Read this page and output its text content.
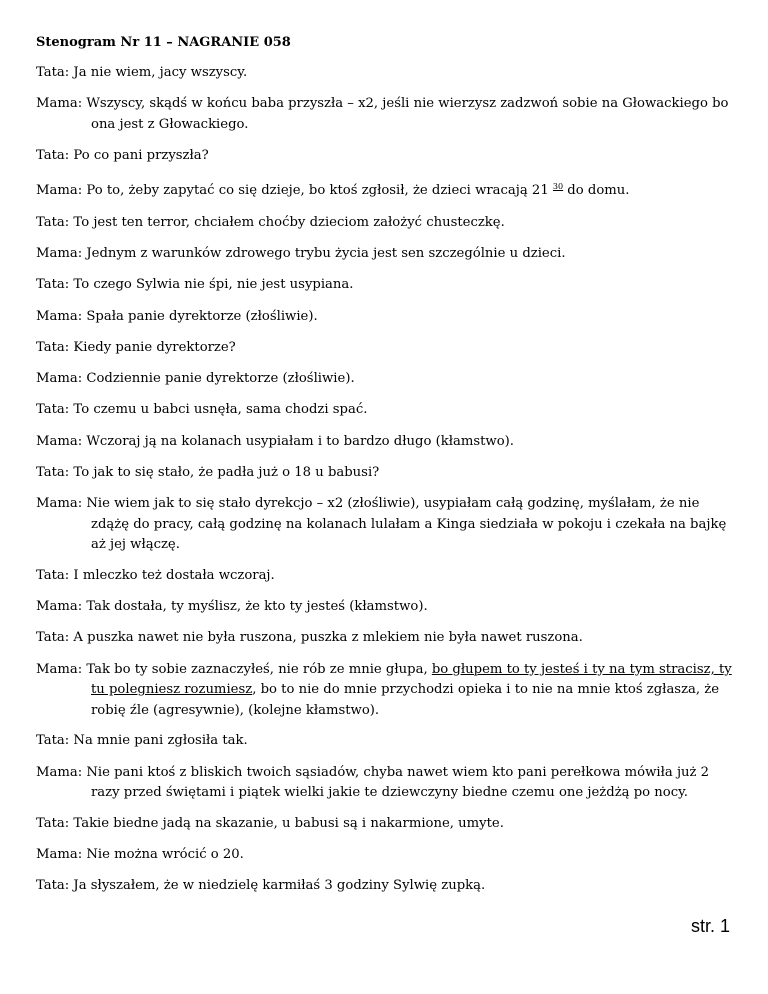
Stenogram Nr 11 – NAGRANIE 058
Tata: Ja nie wiem, jacy wszyscy.
Mama: Wszyscy, skądś w końcu baba przyszła – x2, jeśli nie wierzysz zadzwoń sobie na Głowackiego bo ona jest z Głowackiego.
Tata: Po co pani przyszła?
Mama: Po to, żeby zapytać co się dzieje, bo ktoś zgłosił, że dzieci wracają 21 $^{30}$ do domu.
Tata: To jest ten terror, chciałem choćby dzieciom założyć chusteczkę.
Mama: Jednym z warunków zdrowego trybu życia jest sen szczególnie u dzieci.
Tata: To czego Sylwia nie śpi, nie jest usypiana.
Mama: Spała panie dyrektorze (złośliwie).
Tata: Kiedy panie dyrektorze?
Mama: Codziennie panie dyrektorze (złośliwie).
Tata: To czemu u babci usnęła, sama chodzi spać.
Mama: Wczoraj ją na kolanach usypiałam i to bardzo długo (kłamstwo).
Tata: To jak to się stało, że padła już o 18 u babusi?
Mama: Nie wiem jak to się stało dyrekcjo – x2 (złośliwie), usypiałam całą godzinę, myślałam, że nie zdążę do pracy, całą godzinę na kolanach lulałam a Kinga siedziała w pokoju i czekała na bajkę aż jej włączę.
Tata: I mleczko też dostała wczoraj.
Mama: Tak dostała, ty myślisz, że kto ty jesteś (kłamstwo).
Tata: A puszka nawet nie była ruszona, puszka z mlekiem nie była nawet ruszona.
Mama: Tak bo ty sobie zaznaczyłeś, nie rób ze mnie głupa, bo głupem to ty jesteś i ty na tym stracisz, ty tu polegniesz rozumiesz, bo to nie do mnie przychodzi opieka i to nie na mnie ktoś zgłasza, że robię źle (agresywnie), (kolejne kłamstwo).
Tata: Na mnie pani zgłosiła tak.
Mama: Nie pani ktoś z bliskich twoich sąsiadów, chyba nawet wiem kto pani perełkowa mówiła już 2 razy przed świętami i piątek wielki jakie te dziewczyny biedne czemu one jeżdżą po nocy.
Tata: Takie biedne jadą na skazanie, u babusi są i nakarmione, umyte.
Mama: Nie można wrócić o 20.
Tata: Ja słyszałem, że w niedzielę karmiłaś 3 godziny Sylwię zupką.
str. 1
